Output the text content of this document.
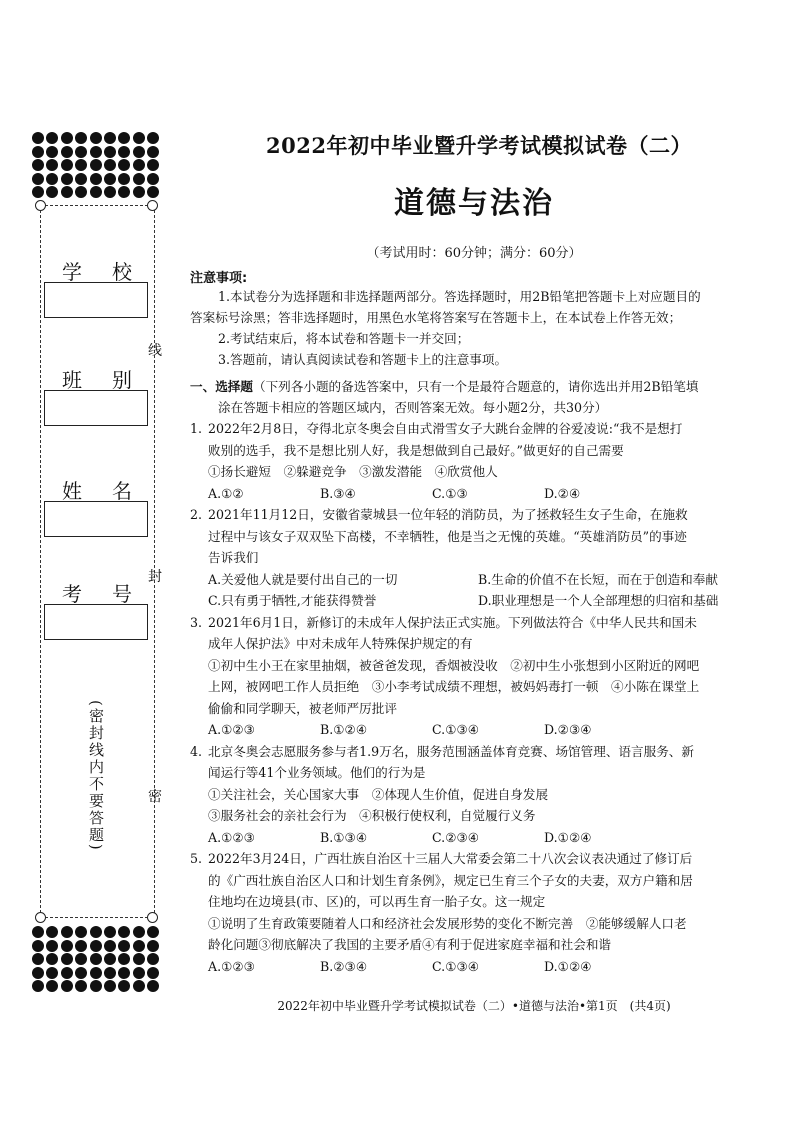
学 校
班 别
姓 名
考 号
(密封线内不要答题)
线
封
密
2022年初中毕业暨升学考试模拟试卷（二）
道德与法治

（考试用时：60分钟；满分：60分）

注意事项:

1.本试卷分为选择题和非选择题两部分。答选择题时，用2B铅笔把答题卡上对应题目的

答案标号涂黑；答非选择题时，用黑色水笔将答案写在答题卡上，在本试卷上作答无效；

2.考试结束后，将本试卷和答题卡一并交回；

3.答题前，请认真阅读试卷和答题卡上的注意事项。

一、选择题（下列各小题的备选答案中，只有一个是最符合题意的，请你选出并用2B铅笔填
涂在答题卡相应的答题区域内，否则答案无效。每小题2分，共30分）

1. 2022年2月8日，夺得北京冬奥会自由式滑雪女子大跳台金牌的谷爱凌说:“我不是想打

败别的选手，我不是想比别人好，我是想做到自己最好。”做更好的自己需要

①扬长避短　②躲避竞争　③激发潜能　④欣赏他人

A.①②	B.③④	C.①③	D.②④

2. 2021年11月12日，安徽省蒙城县一位年轻的消防员，为了拯救轻生女子生命，在施救

过程中与该女子双双坠下高楼，不幸牺牲，他是当之无愧的英雄。“英雄消防员”的事迹

告诉我们

A.关爱他人就是要付出自己的一切	B.生命的价值不在长短，而在于创造和奉献
C.只有勇于牺牲,才能获得赞誉	D.职业理想是一个人全部理想的归宿和基础

3. 2021年6月1日，新修订的未成年人保护法正式实施。下列做法符合《中华人民共和国未

成年人保护法》中对未成年人特殊保护规定的有

①初中生小王在家里抽烟，被爸爸发现，香烟被没收　②初中生小张想到小区附近的网吧

上网，被网吧工作人员拒绝　③小李考试成绩不理想，被妈妈毒打一顿　④小陈在课堂上

偷偷和同学聊天，被老师严厉批评

A.①②③	B.①②④	C.①③④	D.②③④

4. 北京冬奥会志愿服务参与者1.9万名，服务范围涵盖体育竞赛、场馆管理、语言服务、新

闻运行等41个业务领域。他们的行为是

①关注社会，关心国家大事　②体现人生价值，促进自身发展

③服务社会的亲社会行为　④积极行使权利，自觉履行义务

A.①②③	B.①③④	C.②③④	D.①②④

5. 2022年3月24日，广西壮族自治区十三届人大常委会第二十八次会议表决通过了修订后

的《广西壮族自治区人口和计划生育条例》，规定已生育三个子女的夫妻，双方户籍和居

住地均在边境县(市、区)的，可以再生育一胎子女。这一规定

①说明了生育政策要随着人口和经济社会发展形势的变化不断完善　②能够缓解人口老

龄化问题③彻底解决了我国的主要矛盾④有利于促进家庭幸福和社会和谐

A.①②③	B.②③④	C.①③④	D.①②④
2022年初中毕业暨升学考试模拟试卷（二）•道德与法治•第1页　(共4页)
